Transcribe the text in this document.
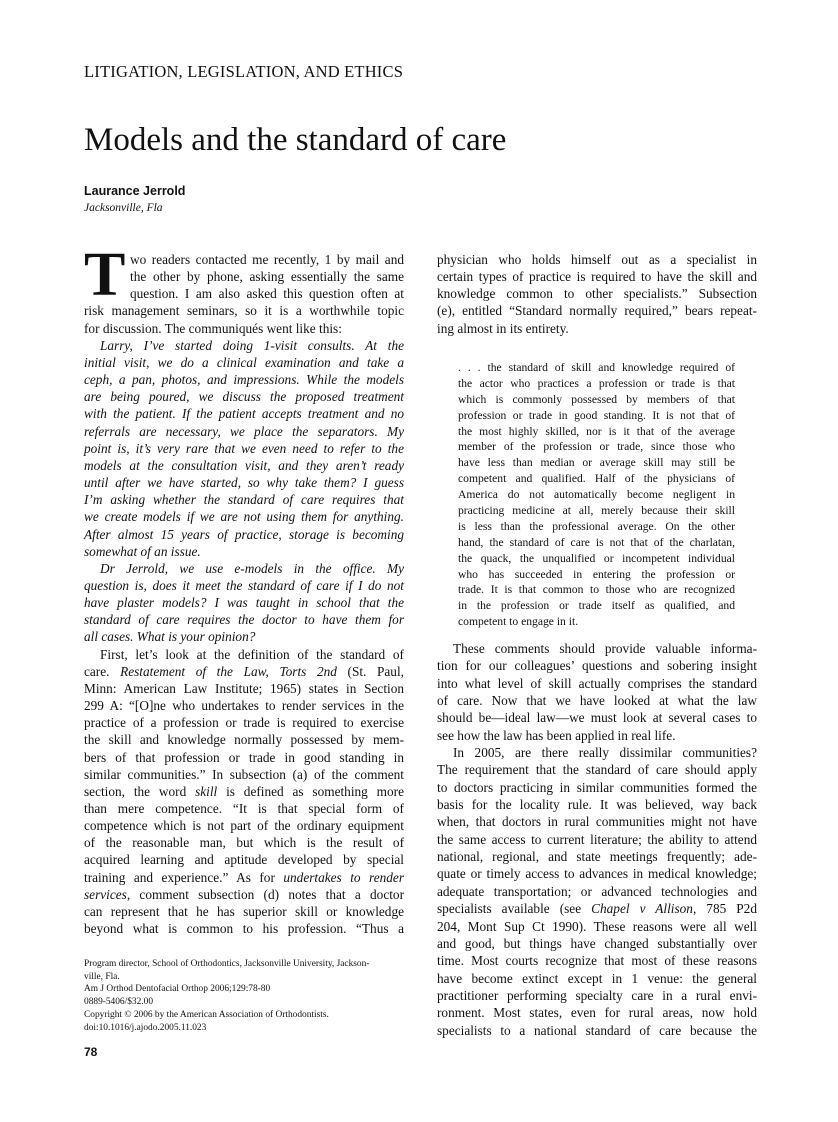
LITIGATION, LEGISLATION, AND ETHICS
Models and the standard of care
Laurance Jerrold
Jacksonville, Fla
T wo readers contacted me recently, 1 by mail and
the other by phone, asking essentially the same
question. I am also asked this question often at
risk management seminars, so it is a worthwhile topic
for discussion. The communiqués went like this:
Larry, I’ve started doing 1-visit consults. At the
initial visit, we do a clinical examination and take a
ceph, a pan, photos, and impressions. While the models
are being poured, we discuss the proposed treatment
with the patient. If the patient accepts treatment and no
referrals are necessary, we place the separators. My
point is, it’s very rare that we even need to refer to the
models at the consultation visit, and they aren’t ready
until after we have started, so why take them? I guess
I’m asking whether the standard of care requires that
we create models if we are not using them for anything.
After almost 15 years of practice, storage is becoming
somewhat of an issue.
Dr Jerrold, we use e-models in the office. My
question is, does it meet the standard of care if I do not
have plaster models? I was taught in school that the
standard of care requires the doctor to have them for
all cases. What is your opinion?
First, let’s look at the definition of the standard of
care. Restatement of the Law, Torts 2nd (St. Paul,
Minn: American Law Institute; 1965) states in Section
299 A: “[O]ne who undertakes to render services in the
practice of a profession or trade is required to exercise
the skill and knowledge normally possessed by mem-
bers of that profession or trade in good standing in
similar communities.” In subsection (a) of the comment
section, the word skill is defined as something more
than mere competence. “It is that special form of
competence which is not part of the ordinary equipment
of the reasonable man, but which is the result of
acquired learning and aptitude developed by special
training and experience.” As for undertakes to render
services, comment subsection (d) notes that a doctor
can represent that he has superior skill or knowledge
beyond what is common to his profession. “Thus a
physician who holds himself out as a specialist in
certain types of practice is required to have the skill and
knowledge common to other specialists.” Subsection
(e), entitled “Standard normally required,” bears repeat-
ing almost in its entirety.
. . . the standard of skill and knowledge required of
the actor who practices a profession or trade is that
which is commonly possessed by members of that
profession or trade in good standing. It is not that of
the most highly skilled, nor is it that of the average
member of the profession or trade, since those who
have less than median or average skill may still be
competent and qualified. Half of the physicians of
America do not automatically become negligent in
practicing medicine at all, merely because their skill
is less than the professional average. On the other
hand, the standard of care is not that of the charlatan,
the quack, the unqualified or incompetent individual
who has succeeded in entering the profession or
trade. It is that common to those who are recognized
in the profession or trade itself as qualified, and
competent to engage in it.
These comments should provide valuable informa-
tion for our colleagues’ questions and sobering insight
into what level of skill actually comprises the standard
of care. Now that we have looked at what the law
should be—ideal law—we must look at several cases to
see how the law has been applied in real life.
In 2005, are there really dissimilar communities?
The requirement that the standard of care should apply
to doctors practicing in similar communities formed the
basis for the locality rule. It was believed, way back
when, that doctors in rural communities might not have
the same access to current literature; the ability to attend
national, regional, and state meetings frequently; ade-
quate or timely access to advances in medical knowledge;
adequate transportation; or advanced technologies and
specialists available (see Chapel v Allison, 785 P2d
204, Mont Sup Ct 1990). These reasons were all well
and good, but things have changed substantially over
time. Most courts recognize that most of these reasons
have become extinct except in 1 venue: the general
practitioner performing specialty care in a rural envi-
ronment. Most states, even for rural areas, now hold
specialists to a national standard of care because the
Program director, School of Orthodontics, Jacksonville University, Jackson-
ville, Fla.
Am J Orthod Dentofacial Orthop 2006;129:78-80
0889-5406/$32.00
Copyright © 2006 by the American Association of Orthodontists.
doi:10.1016/j.ajodo.2005.11.023
78
